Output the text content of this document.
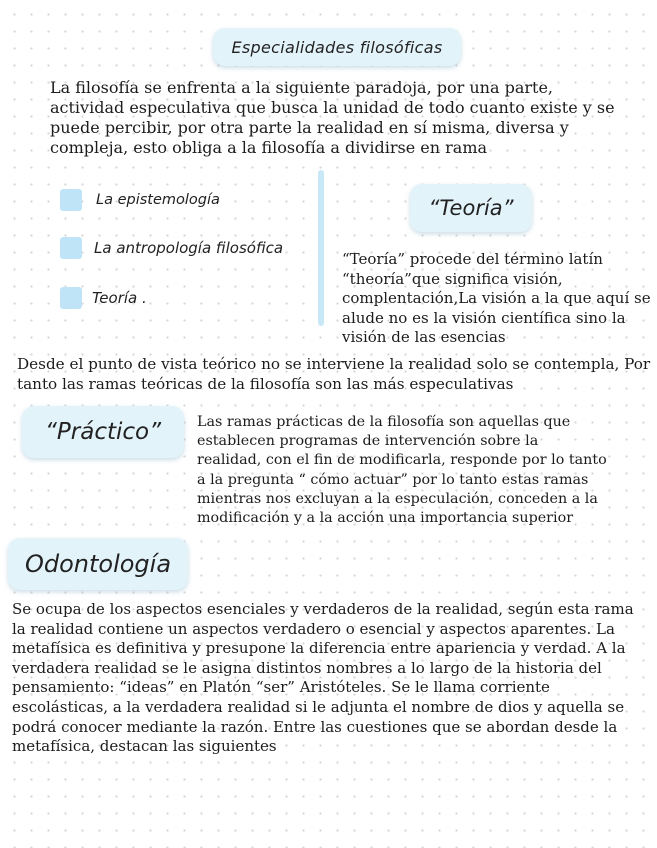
Especialidades filosóficas
La filosofía se enfrenta a la siguiente paradoja, por una parte, actividad especulativa que busca la unidad de todo cuanto existe y se puede percibir, por otra parte la realidad en sí misma, diversa y compleja, esto obliga a la filosofía a dividirse en rama
La epistemología
La antropología filosófica
Teoría .
“Teoría”
“Teoría” procede del término latín “theoría”que significa visión, complentación,La visión a la que aquí se alude no es la visión científica sino la visión de las esencias
Desde el punto de vista teórico no se interviene la realidad solo se contempla, Por tanto las ramas teóricas de la filosofía son las más especulativas
“Práctico”	Las ramas prácticas de la filosofía son aquellas que establecen programas de intervención sobre la realidad, con el fin de modificarla, responde por lo tanto a la pregunta “ cómo actuar” por lo tanto estas ramas mientras nos excluyan a la especulación, conceden a la modificación y a la acción una importancia superior
Odontología
Se ocupa de los aspectos esenciales y verdaderos de la realidad, según esta rama la realidad contiene un aspectos verdadero o esencial y aspectos aparentes. La metafísica es definitiva y presupone la diferencia entre apariencia y verdad. A la verdadera realidad se le asigna distintos nombres a lo largo de la historia del pensamiento: “ideas” en Platón “ser” Aristóteles. Se le llama corriente escolásticas, a la verdadera realidad si le adjunta el nombre de dios y aquella se podrá conocer mediante la razón. Entre las cuestiones que se abordan desde la metafísica, destacan las siguientes
